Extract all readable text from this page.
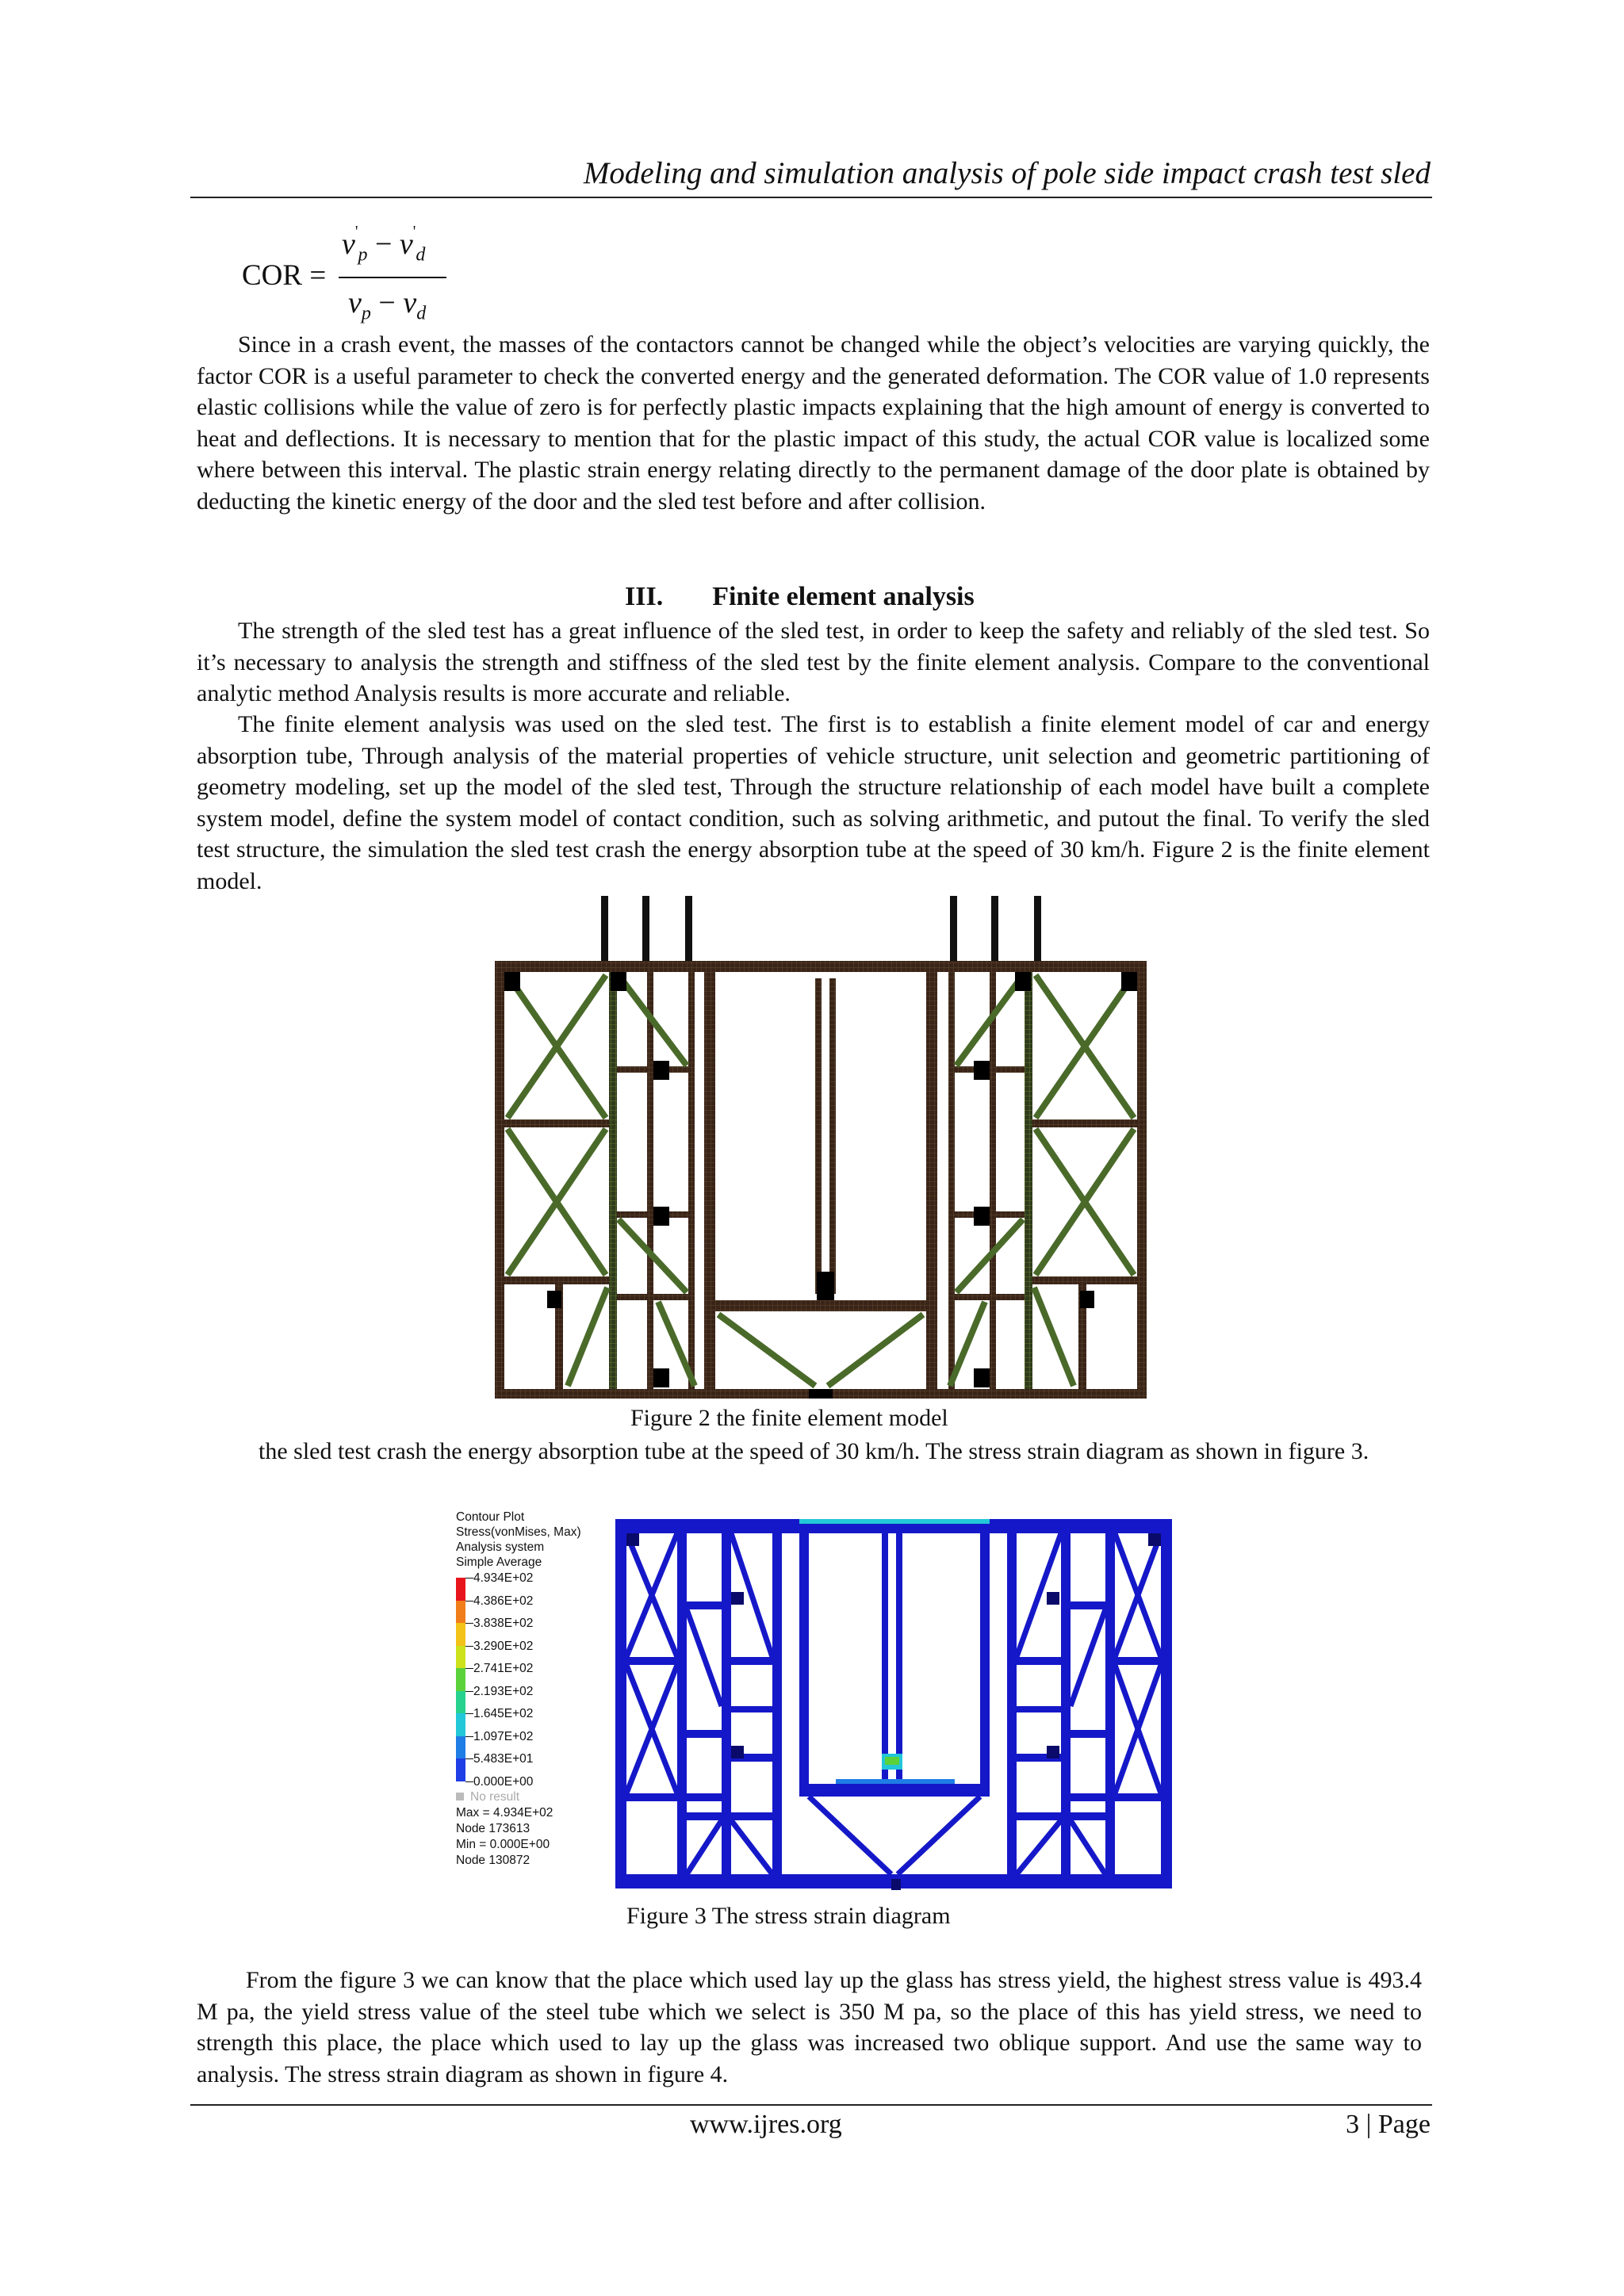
Modeling and simulation analysis of pole side impact crash test sled
COR =
$v'_p - v'_d$
$v_p - v_d$

Since in a crash event, the masses of the contactors cannot be changed while the object’s velocities are varying quickly, the factor COR is a useful parameter to check the converted energy and the generated deformation. The COR value of 1.0 represents elastic collisions while the value of zero is for perfectly plastic impacts explaining that the high amount of energy is converted to heat and deflections. It is necessary to mention that for the plastic impact of this study, the actual COR value is localized some where between this interval. The plastic strain energy relating directly to the permanent damage of the door plate is obtained by deducting the kinetic energy of the door and the sled test before and after collision.

III. Finite element analysis

The strength of the sled test has a great influence of the sled test, in order to keep the safety and reliably of the sled test. So it’s necessary to analysis the strength and stiffness of the sled test by the finite element analysis. Compare to the conventional analytic method Analysis results is more accurate and reliable.

The finite element analysis was used on the sled test. The first is to establish a finite element model of car and energy absorption tube, Through analysis of the material properties of vehicle structure, unit selection and geometric partitioning of geometry modeling, set up the model of the sled test, Through the structure relationship of each model have built a complete system model, define the system model of contact condition, such as solving arithmetic, and putout the final. To verify the sled test structure, the simulation the sled test crash the energy absorption tube at the speed of 30 km/h. Figure 2 is the finite element model.

Figure 2 the finite element model

the sled test crash the energy absorption tube at the speed of 30 km/h. The stress strain diagram as shown in figure 3.

Contour Plot
Stress(vonMises, Max)
Analysis system
Simple Average
4.934E+02
4.386E+02
3.838E+02
3.290E+02
2.741E+02
2.193E+02
1.645E+02
1.097E+02
5.483E+01
0.000E+00
No result
Max = 4.934E+02
Node 173613
Min = 0.000E+00
Node 130872
Figure 3 The stress strain diagram

From the figure 3 we can know that the place which used lay up the glass has stress yield, the highest stress value is 493.4 M pa, the yield stress value of the steel tube which we select is 350 M pa, so the place of this has yield stress, we need to strength this place, the place which used to lay up the glass was increased two oblique support. And use the same way to analysis. The stress strain diagram as shown in figure 4.

www.ijres.org	3 | Page
